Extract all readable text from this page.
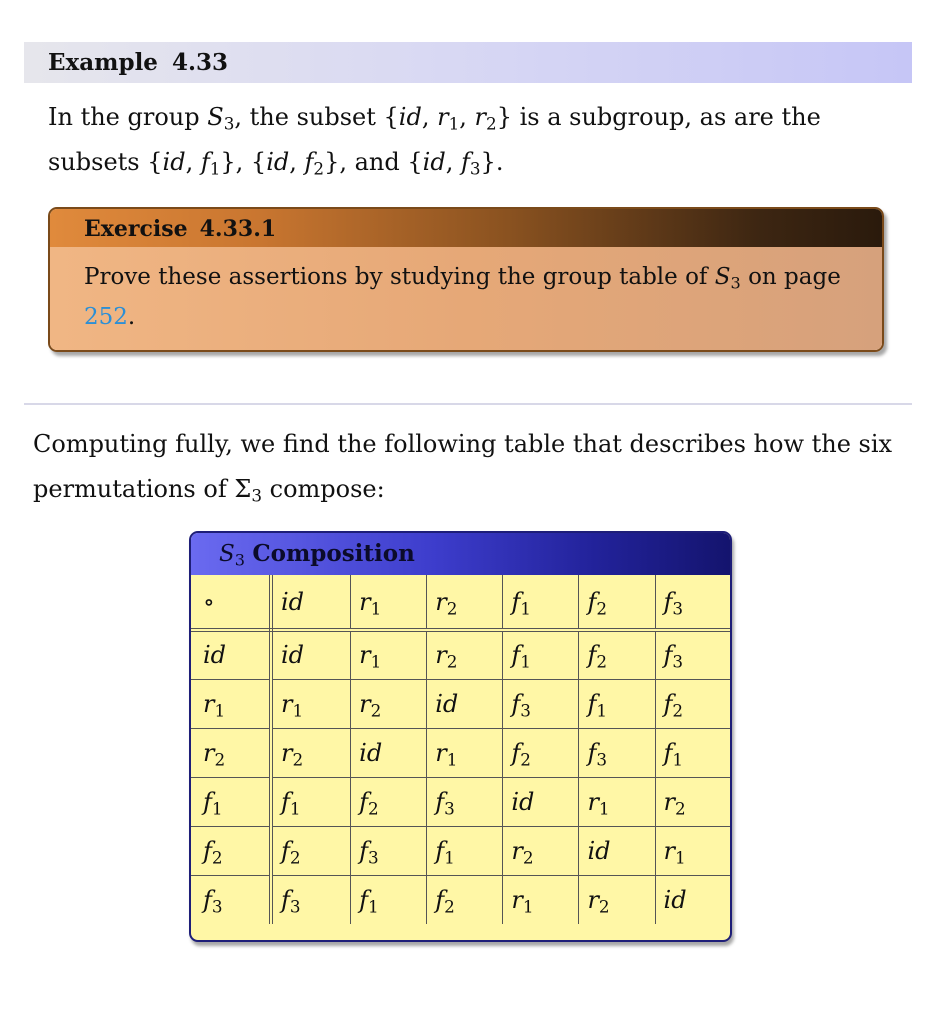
Example 4.33
In the group $S_3$, the subset {id, $r_1$, $r_2$} is a subgroup, as are the subsets {id, $f_1$}, {id, $f_2$}, and {id, $f_3$}.
Exercise 4.33.1
Prove these assertions by studying the group table of $S_3$ on page
252.
Computing fully, we find the following table that describes how the six permutations of $\Sigma_3$ compose:
$S_3$ Composition
∘	id	$r_1$	$r_2$	$f_1$	$f_2$	$f_3$
id	id	$r_1$	$r_2$	$f_1$	$f_2$	$f_3$
$r_1$	$r_1$	$r_2$	id	$f_3$	$f_1$	$f_2$
$r_2$	$r_2$	id	$r_1$	$f_2$	$f_3$	$f_1$
$f_1$	$f_1$	$f_2$	$f_3$	id	$r_1$	$r_2$
$f_2$	$f_2$	$f_3$	$f_1$	$r_2$	id	$r_1$
$f_3$	$f_3$	$f_1$	$f_2$	$r_1$	$r_2$	id
